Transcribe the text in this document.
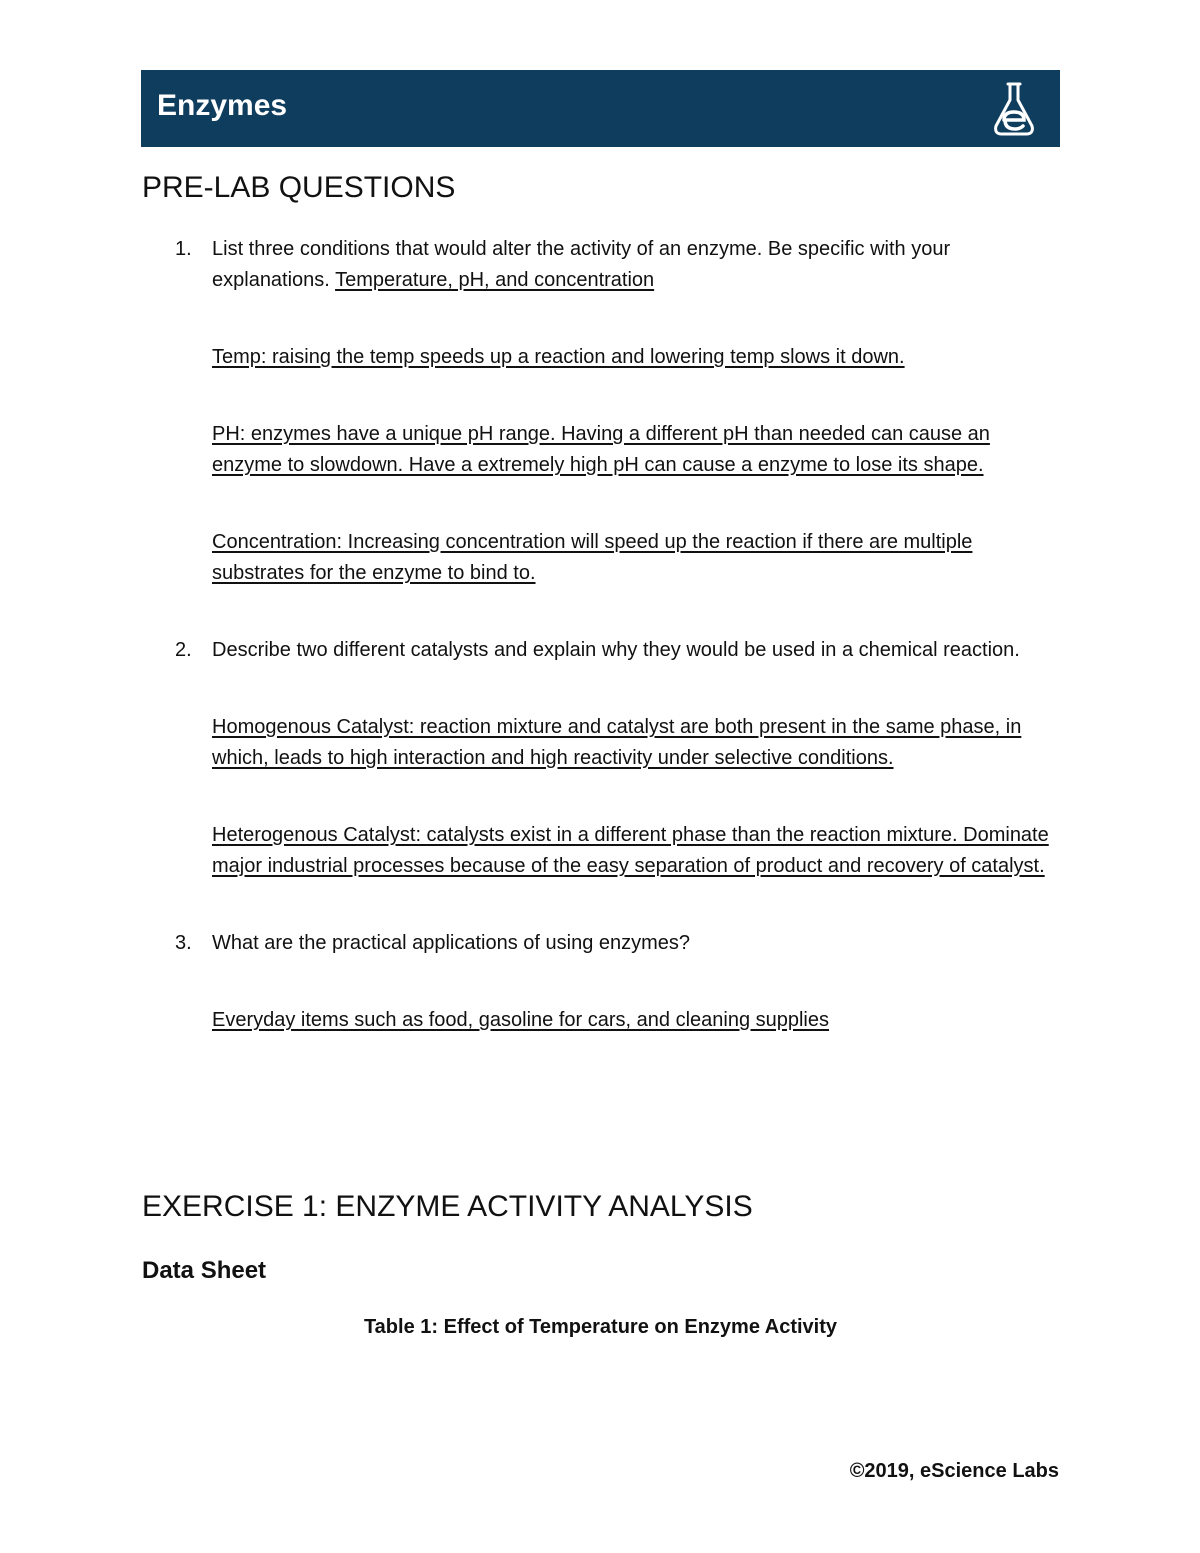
Enzymes
PRE-LAB QUESTIONS
1. List three conditions that would alter the activity of an enzyme. Be specific with your explanations. Temperature, pH, and concentration

Temp: raising the temp speeds up a reaction and lowering temp slows it down.

PH: enzymes have a unique pH range. Having a different pH than needed can cause an enzyme to slowdown. Have a extremely high pH can cause a enzyme to lose its shape.

Concentration: Increasing concentration will speed up the reaction if there are multiple substrates for the enzyme to bind to.

2. Describe two different catalysts and explain why they would be used in a chemical reaction.

Homogenous Catalyst: reaction mixture and catalyst are both present in the same phase, in which, leads to high interaction and high reactivity under selective conditions.

Heterogenous Catalyst: catalysts exist in a different phase than the reaction mixture. Dominate major industrial processes because of the easy separation of product and recovery of catalyst.

3. What are the practical applications of using enzymes?

Everyday items such as food, gasoline for cars, and cleaning supplies

EXERCISE 1: ENZYME ACTIVITY ANALYSIS
Data Sheet
Table 1: Effect of Temperature on Enzyme Activity
©2019, eScience Labs
